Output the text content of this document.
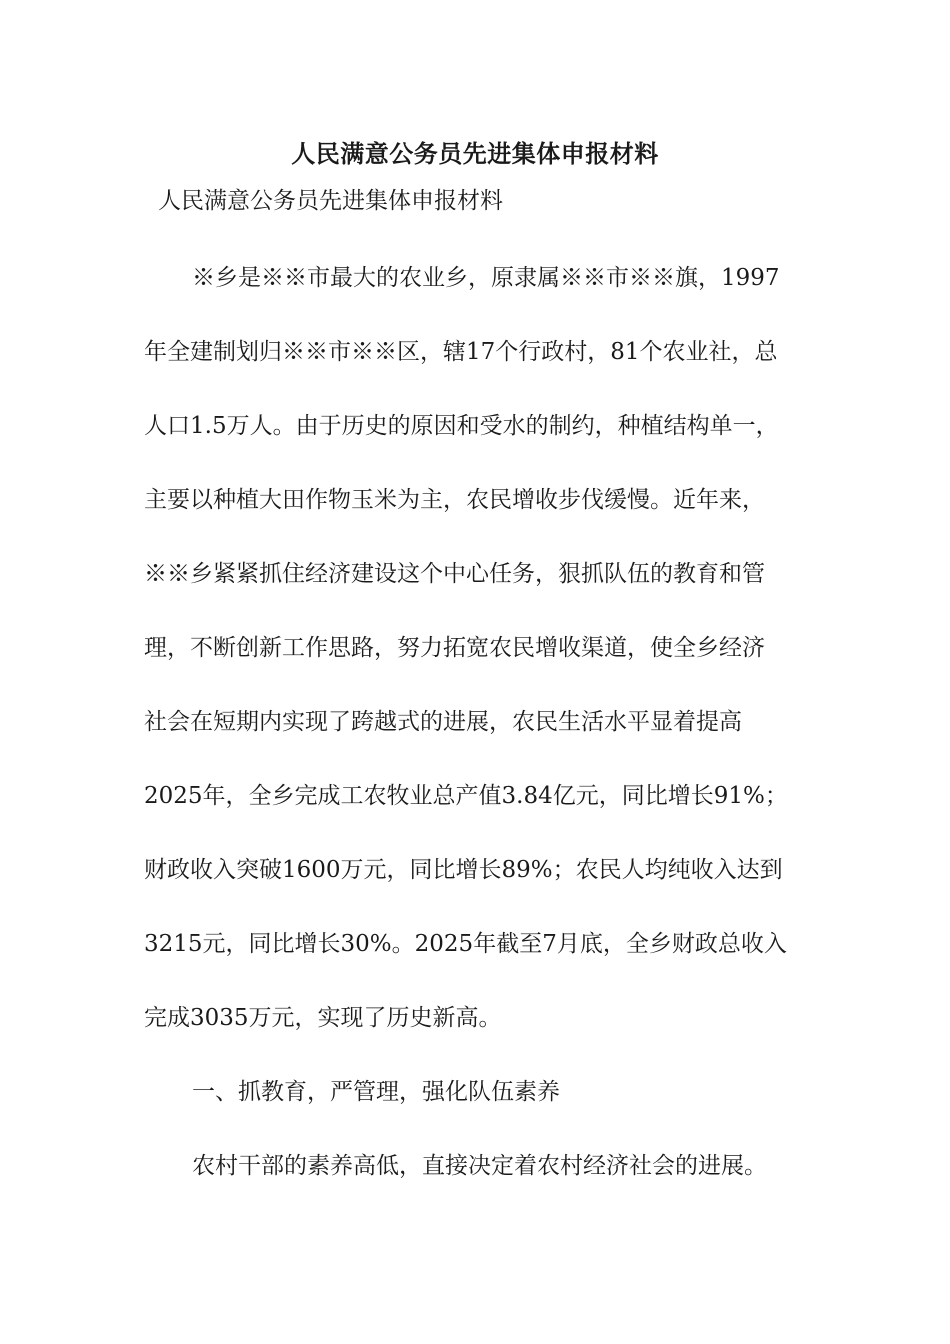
人民满意公务员先进集体申报材料
人民满意公务员先进集体申报材料
※乡是※※市最大的农业乡，原隶属※※市※※旗，1997
年全建制划归※※市※※区，辖17个行政村，81个农业社，总
人口1.5万人。由于历史的原因和受水的制约，种植结构单一，
主要以种植大田作物玉米为主，农民增收步伐缓慢。近年来，
※※乡紧紧抓住经济建设这个中心任务，狠抓队伍的教育和管
理，不断创新工作思路，努力拓宽农民增收渠道，使全乡经济
社会在短期内实现了跨越式的进展，农民生活水平显着提高
2025年，全乡完成工农牧业总产值3.84亿元，同比增长91%；
财政收入突破1600万元，同比增长89%；农民人均纯收入达到
3215元，同比增长30%。2025年截至7月底，全乡财政总收入
完成3035万元，实现了历史新高。
一、抓教育，严管理，强化队伍素养
农村干部的素养高低，直接决定着农村经济社会的进展。
